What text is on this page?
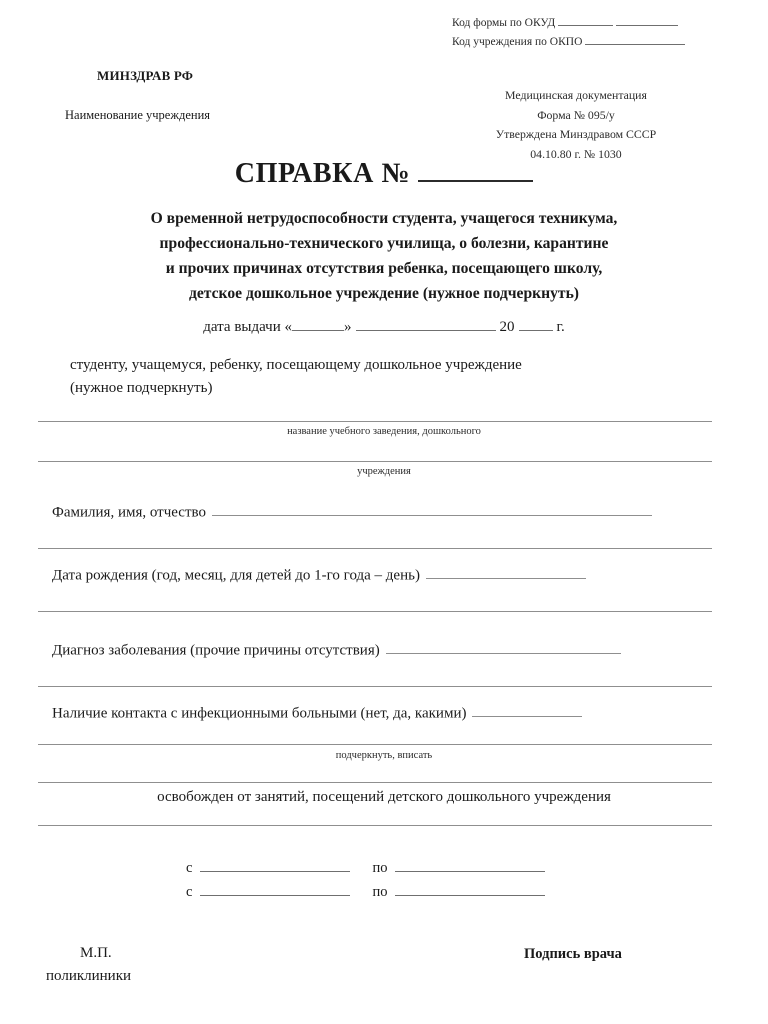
Код формы по ОКУД
Код учреждения по ОКПО
МИНЗДРАВ РФ
Наименование учреждения
Медицинская документация
Форма № 095/у
Утверждена Минздравом СССР
04.10.80 г. № 1030
СПРАВКА №
О временной нетрудоспособности студента, учащегося техникума,
профессионально-технического училища, о болезни, карантине
и прочих причинах отсутствия ребенка, посещающего школу,
детское дошкольное учреждение (нужное подчеркнуть)
дата выдачи «	»	20	г.
студенту, учащемуся, ребенку, посещающему дошкольное учреждение
(нужное подчеркнуть)
название учебного заведения, дошкольного
учреждения
Фамилия, имя, отчество
Дата рождения (год, месяц, для детей до 1-го года – день)
Диагноз заболевания (прочие причины отсутствия)
Наличие контакта с инфекционными больными (нет, да, какими)
подчеркнуть, вписать
освобожден от занятий, посещений детского дошкольного учреждения
с	по
с	по
М.П.
поликлиники
Подпись врача
